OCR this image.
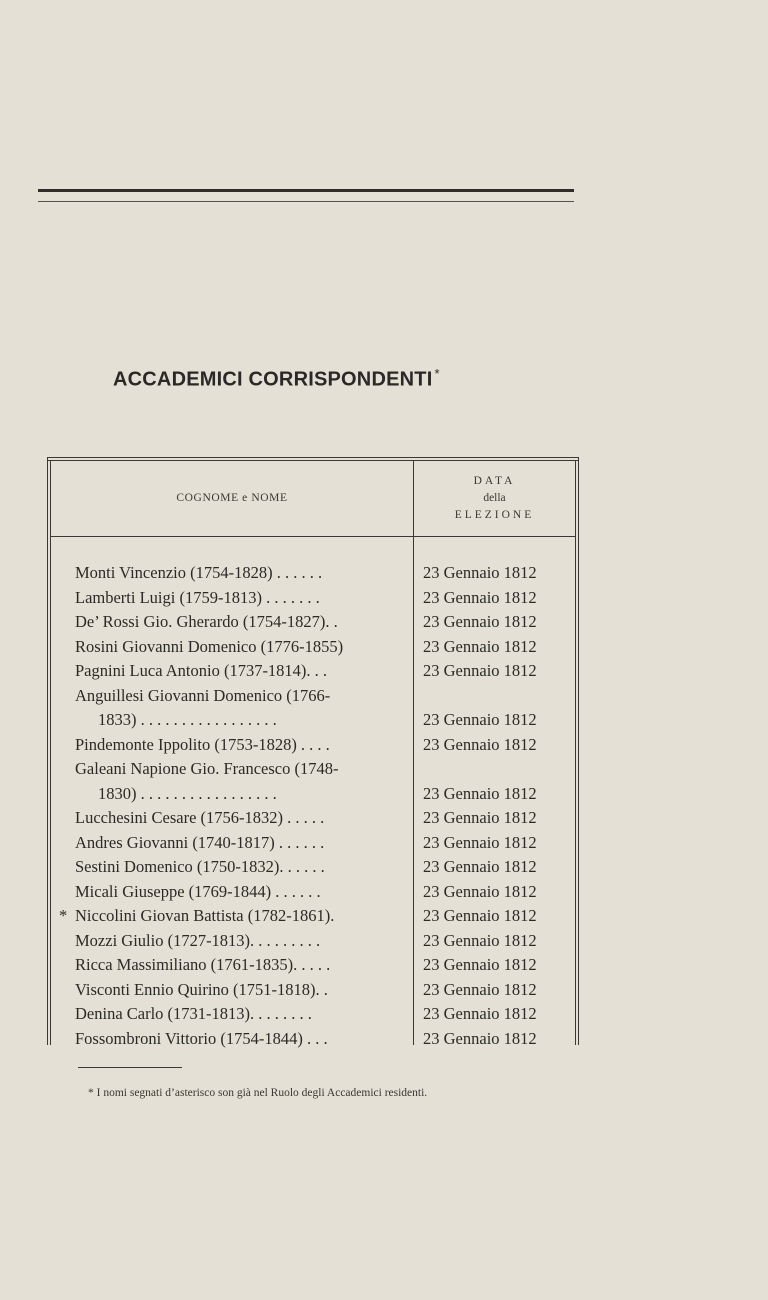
ACCADEMICI CORRISPONDENTI *
COGNOME e NOME
DATA
della
ELEZIONE
Monti Vincenzio (1754-1828) . . . . . .	23 Gennaio 1812
Lamberti Luigi (1759-1813) . . . . . . .	23 Gennaio 1812
De’ Rossi Gio. Gherardo (1754-1827). .	23 Gennaio 1812
Rosini Giovanni Domenico (1776-1855)	23 Gennaio 1812
Pagnini Luca Antonio (1737-1814). . .	23 Gennaio 1812
Anguillesi Giovanni Domenico (1766-
1833) . . . . . . . . . . . . . . . . .	23 Gennaio 1812
Pindemonte Ippolito (1753-1828) . . . .	23 Gennaio 1812
Galeani Napione Gio. Francesco (1748-
1830) . . . . . . . . . . . . . . . . .	23 Gennaio 1812
Lucchesini Cesare (1756-1832) . . . . .	23 Gennaio 1812
Andres Giovanni (1740-1817) . . . . . .	23 Gennaio 1812
Sestini Domenico (1750-1832). . . . . .	23 Gennaio 1812
Micali Giuseppe (1769-1844) . . . . . .	23 Gennaio 1812
* Niccolini Giovan Battista (1782-1861).	23 Gennaio 1812
Mozzi Giulio (1727-1813). . . . . . . . .	23 Gennaio 1812
Ricca Massimiliano (1761-1835). . . . .	23 Gennaio 1812
Visconti Ennio Quirino (1751-1818). .	23 Gennaio 1812
Denina Carlo (1731-1813). . . . . . . .	23 Gennaio 1812
Fossombroni Vittorio (1754-1844) . . .	23 Gennaio 1812
* I nomi segnati d’asterisco son già nel Ruolo degli Accademici residenti.
